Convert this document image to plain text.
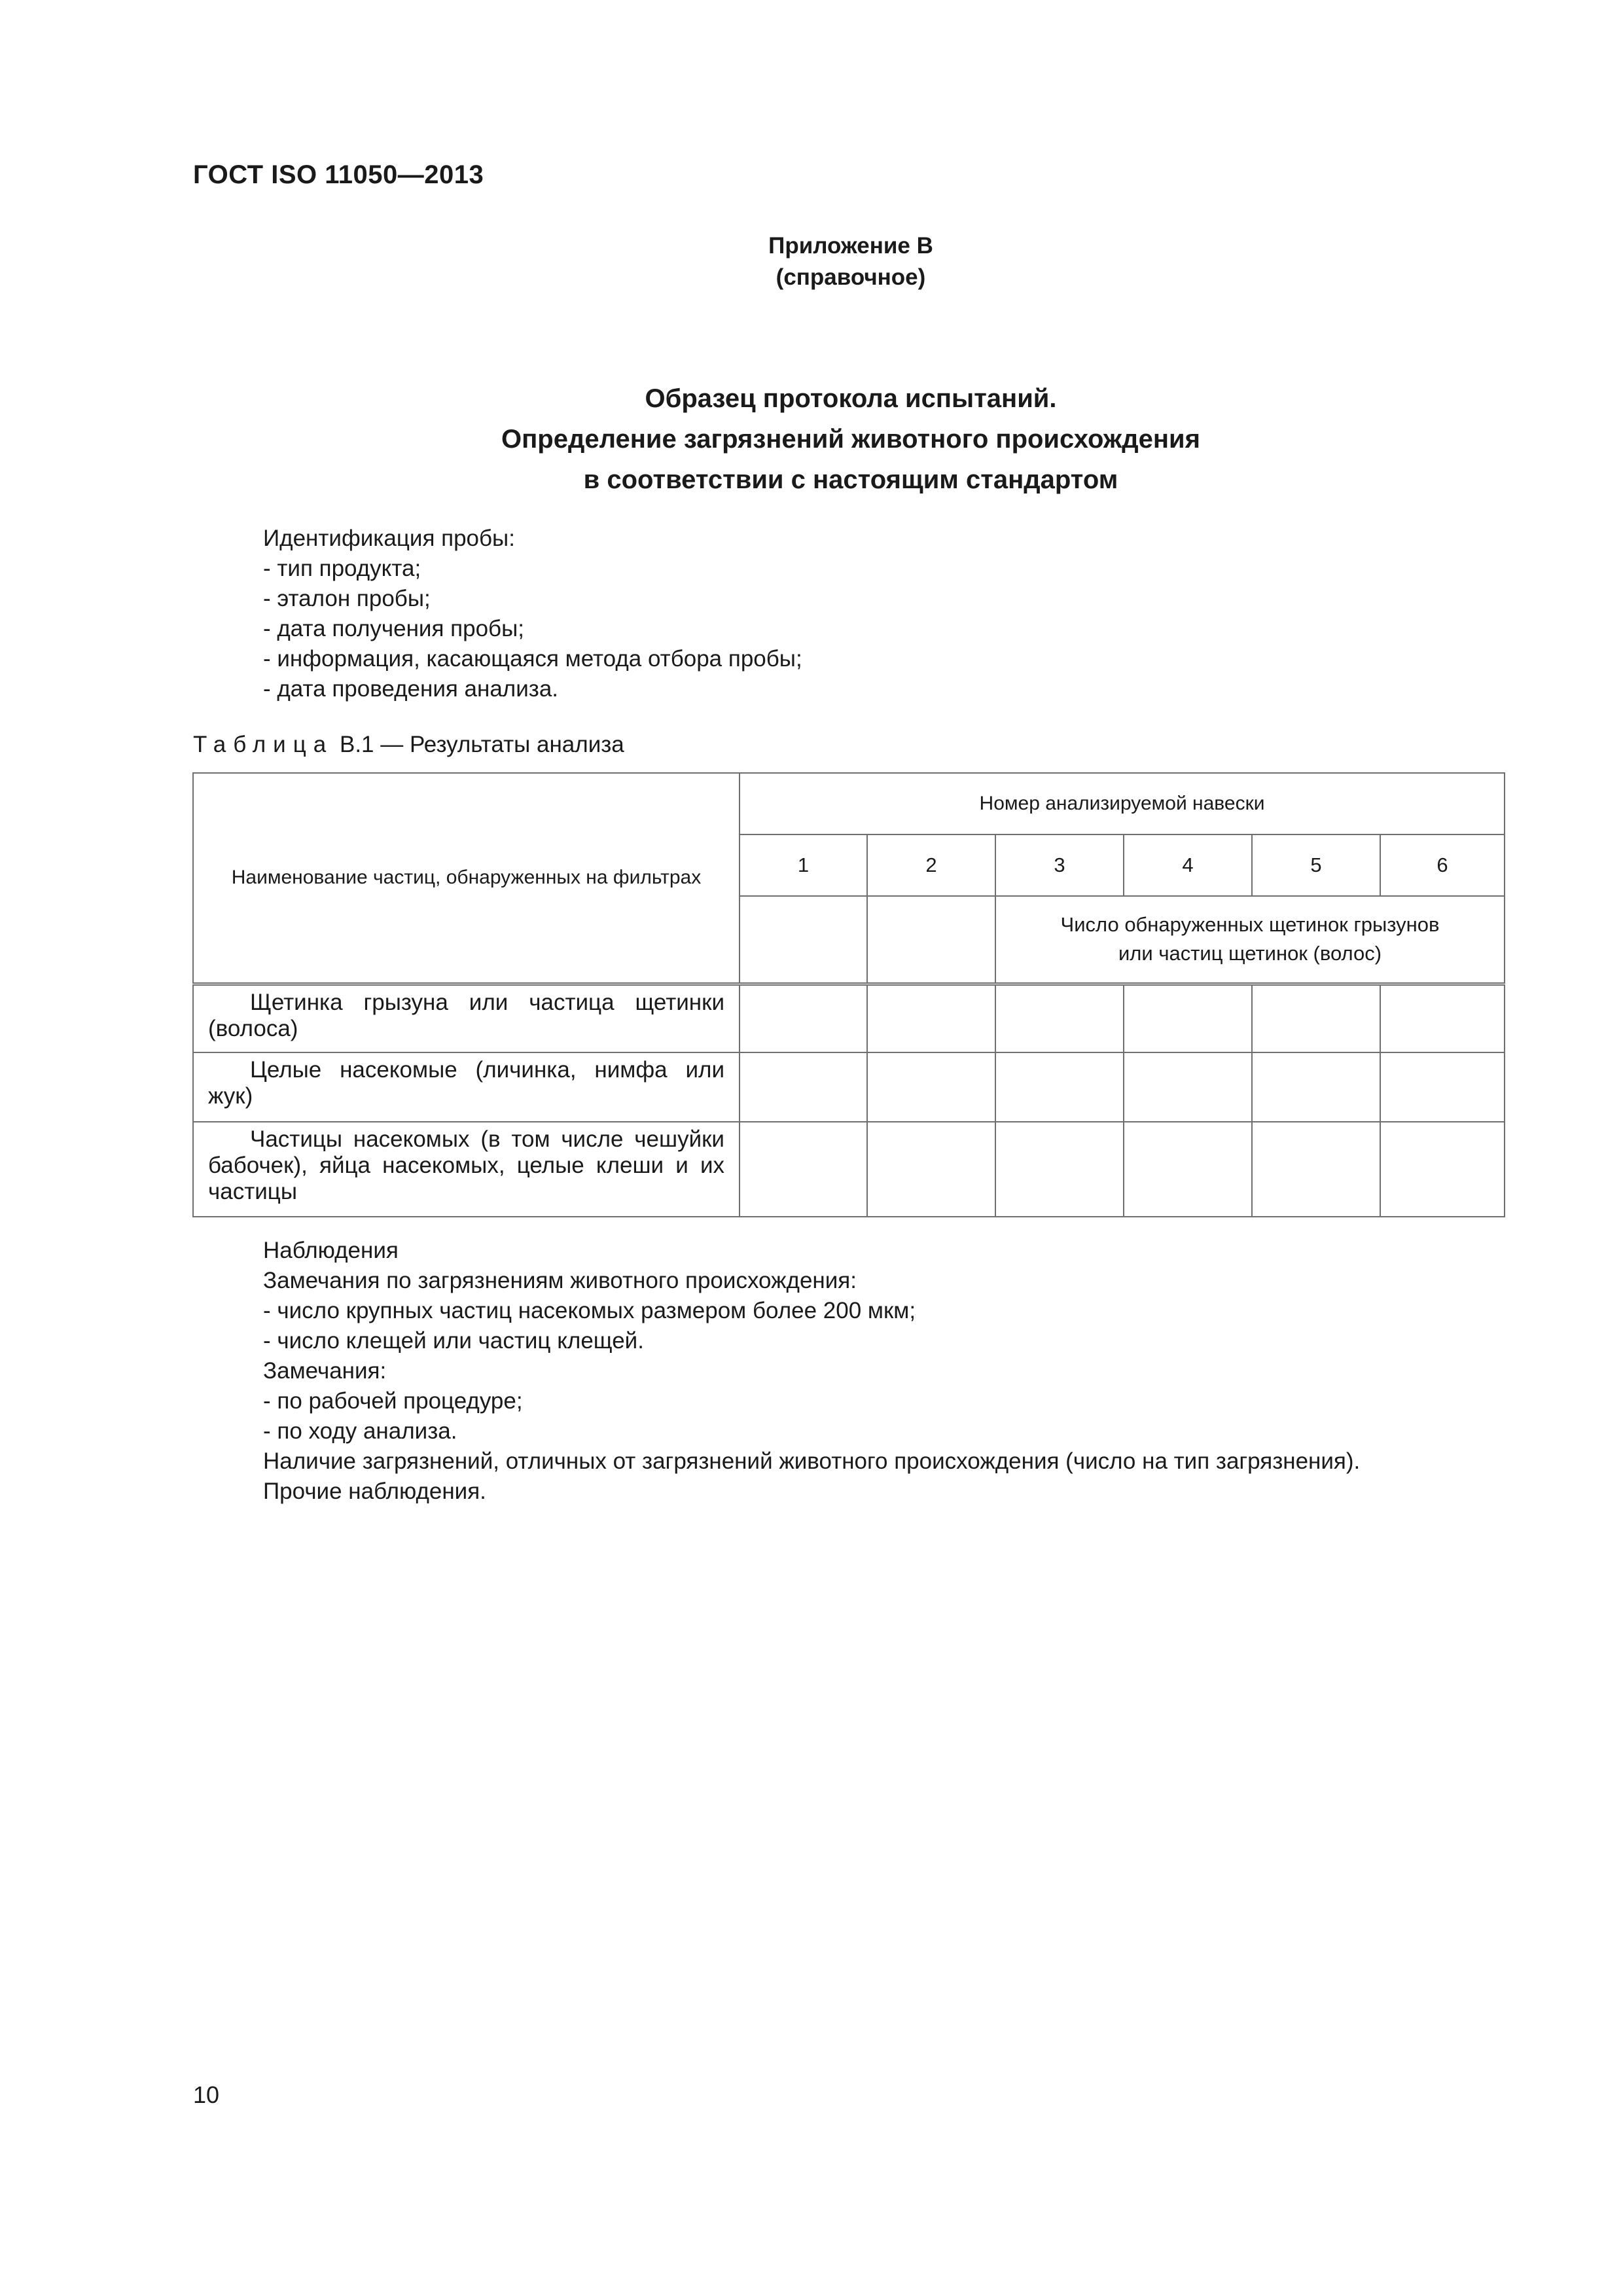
ГОСТ ISO 11050—2013
Приложение В
(справочное)
Образец протокола испытаний.
Определение загрязнений животного происхождения
в соответствии с настоящим стандартом
Идентификация пробы:
- тип продукта;
- эталон пробы;
- дата получения пробы;
- информация, касающаяся метода отбора пробы;
- дата проведения анализа.
Таблица В.1 — Результаты анализа
Наименование частиц, обнаруженных на фильтрах	Номер анализируемой навески					
	1	2	3	4	5	6

			Число обнаруженных щетинок грызунов
или частиц щетинок (волос)			

Щетинка грызуна или частица щетинки (волоса)						
Целые насекомые (личинка, нимфа или жук)						
Частицы насекомых (в том числе чешуйки бабочек), яйца насекомых, целые клеши и их частицы						
Наблюдения
Замечания по загрязнениям животного происхождения:
- число крупных частиц насекомых размером более 200 мкм;
- число клещей или частиц клещей.
Замечания:
- по рабочей процедуре;
- по ходу анализа.
Наличие загрязнений, отличных от загрязнений животного происхождения (число на тип загрязнения).
Прочие наблюдения.
10
